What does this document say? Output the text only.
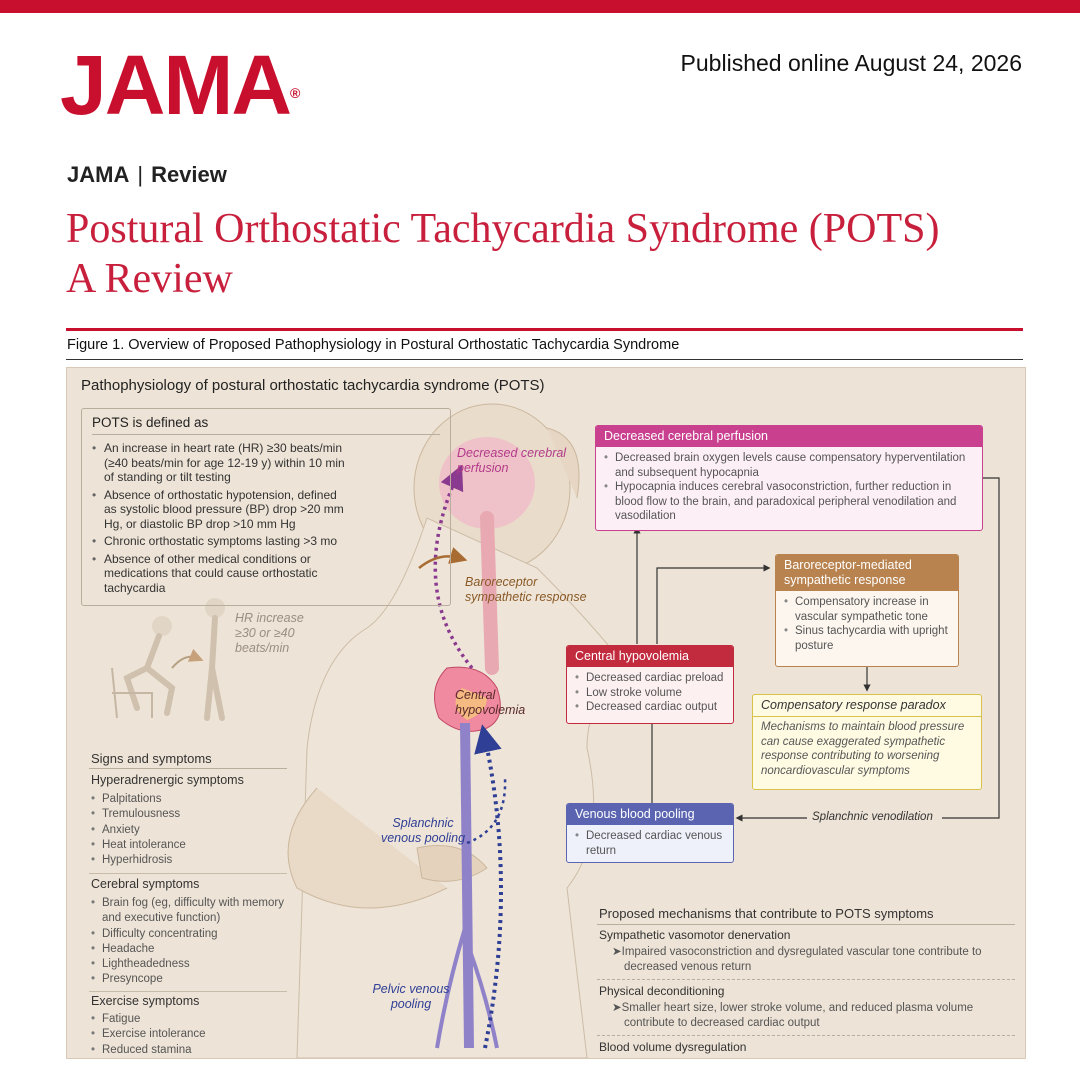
JAMA®
Published online August 24, 2026
JAMA | Review
Postural Orthostatic Tachycardia Syndrome (POTS)
A Review
Figure 1. Overview of Proposed Pathophysiology in Postural Orthostatic Tachycardia Syndrome
Pathophysiology of postural orthostatic tachycardia syndrome (POTS)
POTS is defined as
• An increase in heart rate (HR) ≥30 beats/min (≥40 beats/min for age 12-19 y) within 10 min of standing or tilt testing
• Absence of orthostatic hypotension, defined as systolic blood pressure (BP) drop >20 mm Hg, or diastolic BP drop >10 mm Hg
• Chronic orthostatic symptoms lasting >3 mo
• Absence of other medical conditions or medications that could cause orthostatic tachycardia
HR increase ≥30 or ≥40 beats/min
Signs and symptoms
Hyperadrenergic symptoms
• Palpitations
• Tremulousness
• Anxiety
• Heat intolerance
• Hyperhidrosis
Cerebral symptoms
• Brain fog (eg, difficulty with memory and executive function)
• Difficulty concentrating
• Headache
• Lightheadedness
• Presyncope
Exercise symptoms
• Fatigue
• Exercise intolerance
• Reduced stamina
Decreased cerebral perfusion
Baroreceptor sympathetic response
Central hypovolemia
Splanchnic venous pooling
Pelvic venous pooling
Decreased cerebral perfusion
• Decreased brain oxygen levels cause compensatory hyperventilation and subsequent hypocapnia
• Hypocapnia induces cerebral vasoconstriction, further reduction in blood flow to the brain, and paradoxical peripheral venodilation and vasodilation
Baroreceptor-mediated sympathetic response
• Compensatory increase in vascular sympathetic tone
• Sinus tachycardia with upright posture
Central hypovolemia
• Decreased cardiac preload
• Low stroke volume
• Decreased cardiac output	Compensatory response paradox
Mechanisms to maintain blood pressure can cause exaggerated sympathetic response contributing to worsening noncardiovascular symptoms
Venous blood pooling
• Decreased cardiac venous return
Splanchnic venodilation
Proposed mechanisms that contribute to POTS symptoms
Sympathetic vasomotor denervation
➤Impaired vasoconstriction and dysregulated vascular tone contribute to decreased venous return
Physical deconditioning
➤Smaller heart size, lower stroke volume, and reduced plasma volume contribute to decreased cardiac output
Blood volume dysregulation
